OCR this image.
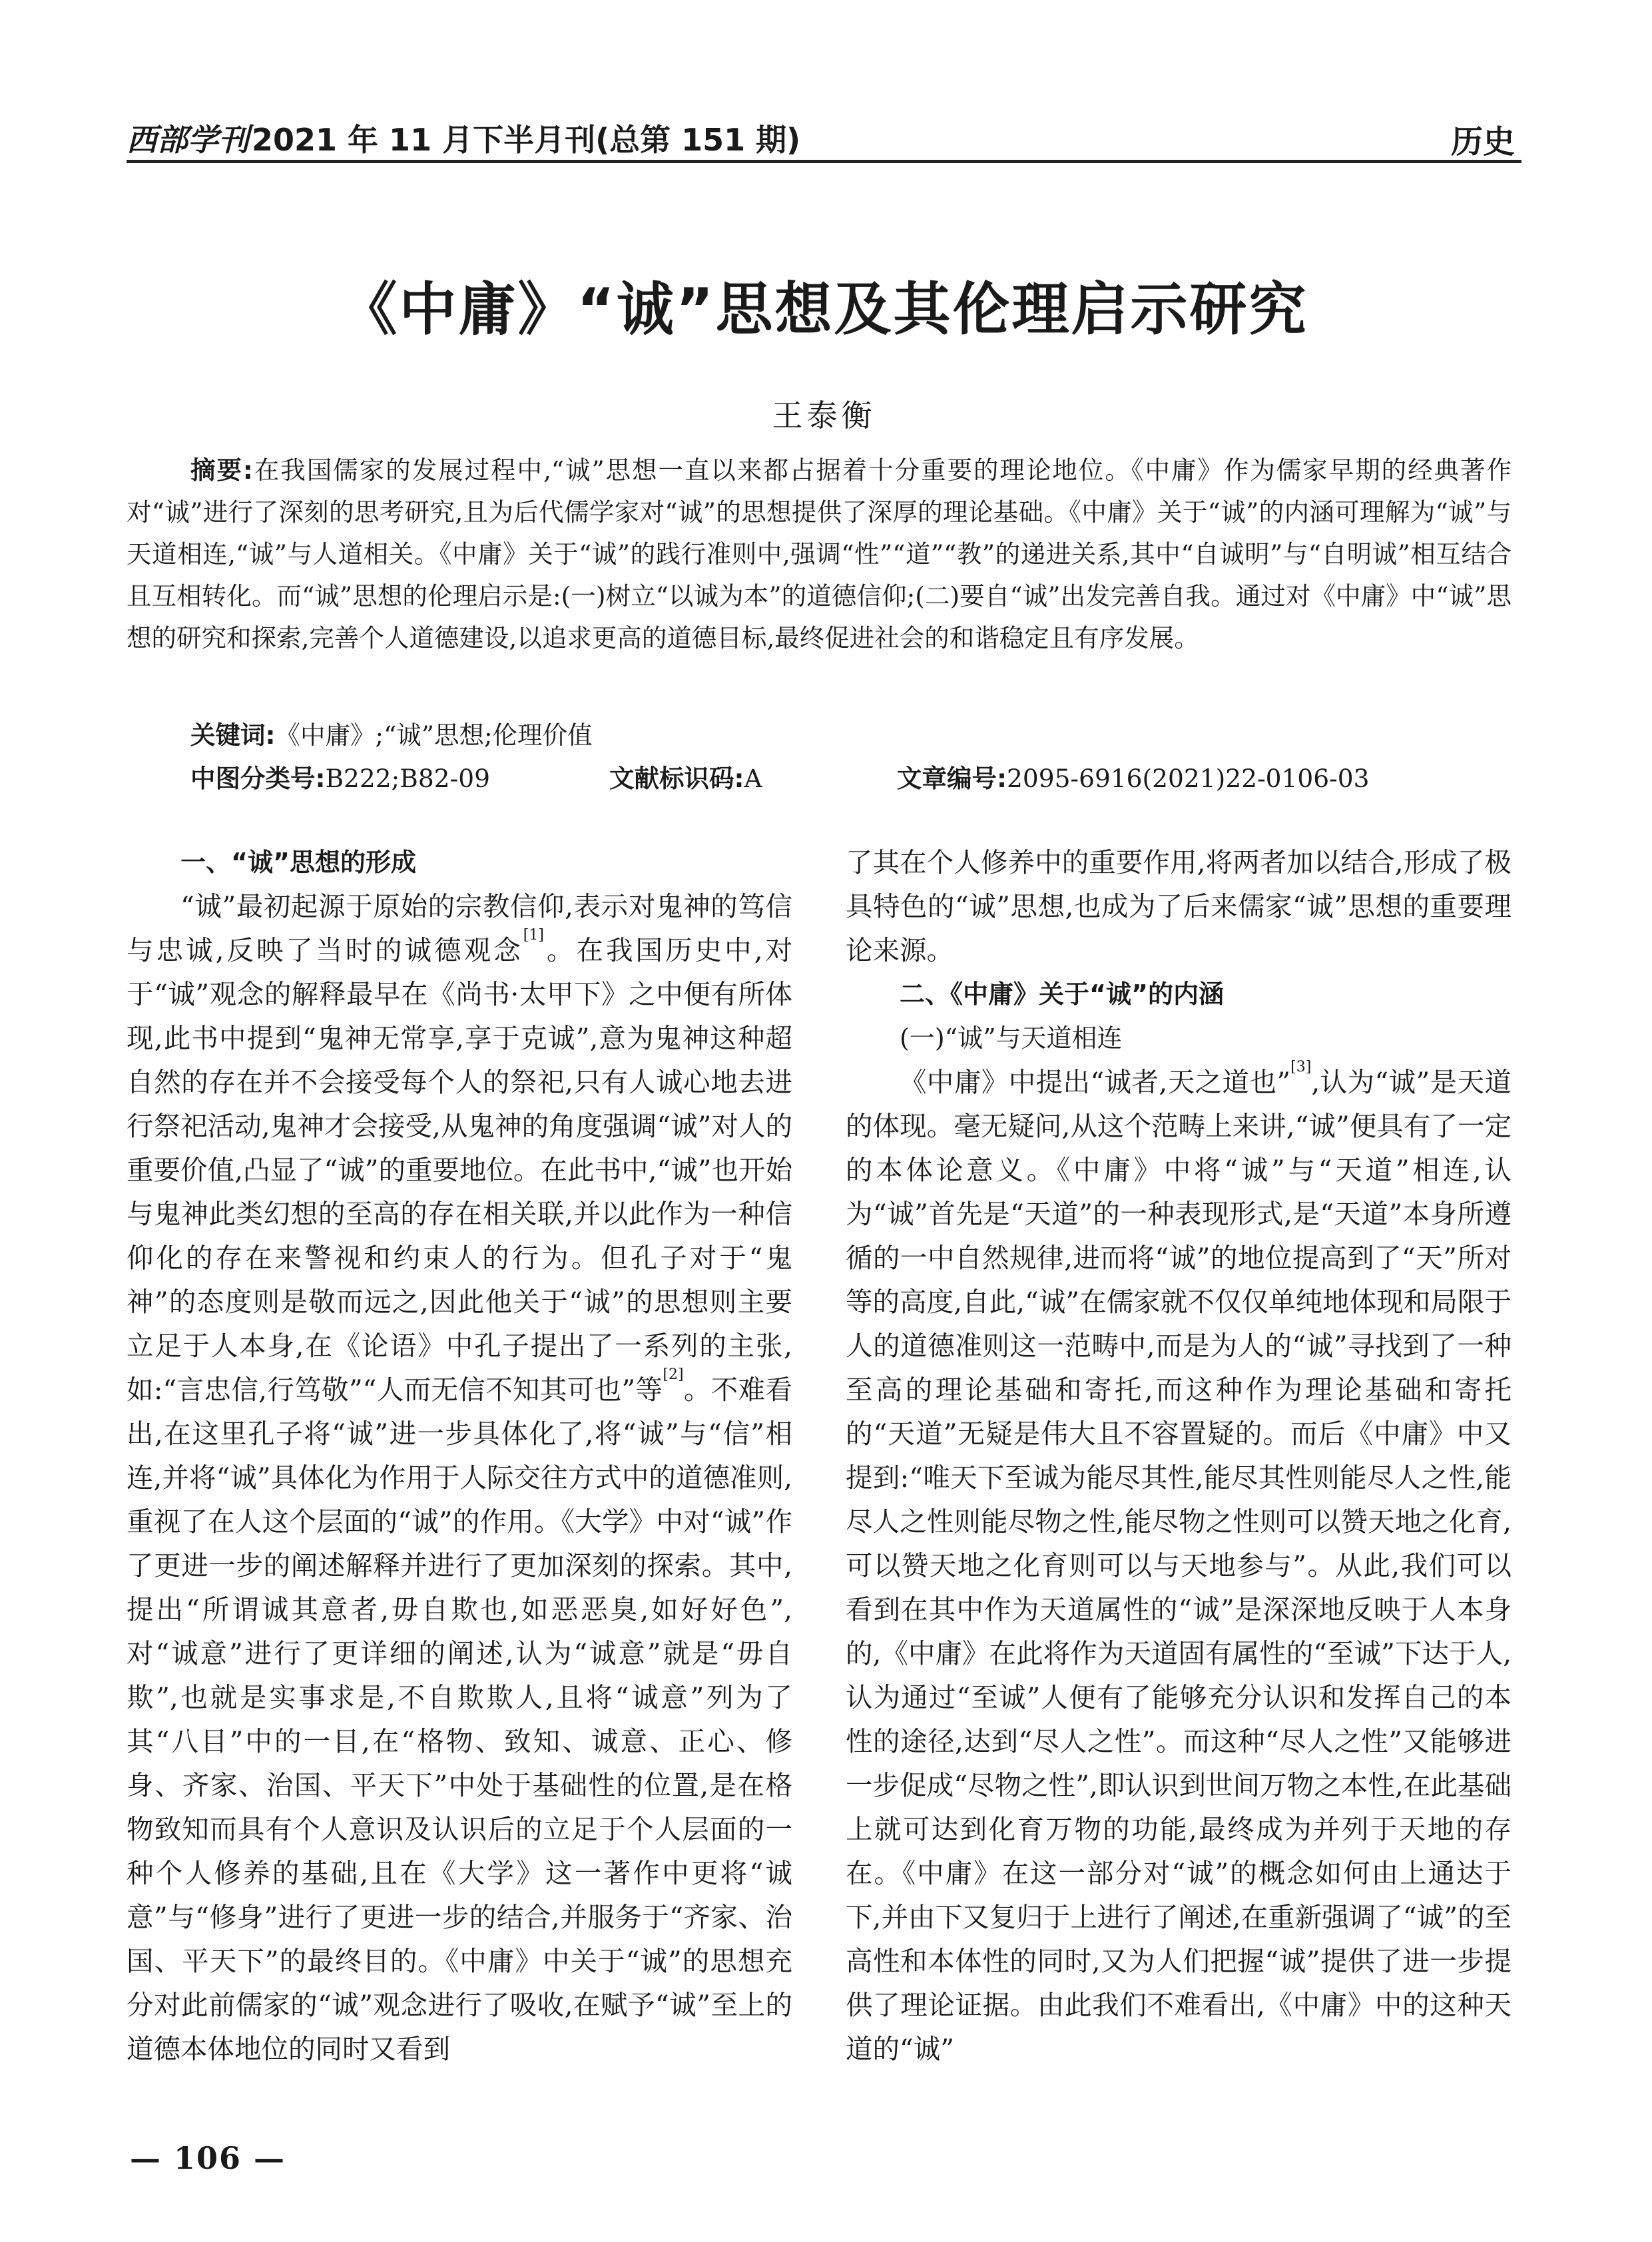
西部学刊2021 年 11 月下半月刊(总第 151 期)	历史
《中庸》“诚”思想及其伦理启示研究
王泰衡
摘要:在我国儒家的发展过程中,“诚”思想一直以来都占据着十分重要的理论地位。《中庸》作为儒家早期的经典著作对“诚”进行了深刻的思考研究,且为后代儒学家对“诚”的思想提供了深厚的理论基础。《中庸》关于“诚”的内涵可理解为“诚”与天道相连,“诚”与人道相关。《中庸》关于“诚”的践行准则中,强调“性”“道”“教”的递进关系,其中“自诚明”与“自明诚”相互结合且互相转化。而“诚”思想的伦理启示是:(一)树立“以诚为本”的道德信仰;(二)要自“诚”出发完善自我。通过对《中庸》中“诚”思想的研究和探索,完善个人道德建设,以追求更高的道德目标,最终促进社会的和谐稳定且有序发展。
关键词:《中庸》;“诚”思想;伦理价值
中图分类号:B222;B82-09	文献标识码:A	文章编号:2095-6916(2021)22-0106-03
一、“诚”思想的形成

“诚”最初起源于原始的宗教信仰,表示对鬼神的笃信与忠诚,反映了当时的诚德观念[1]。在我国历史中,对于“诚”观念的解释最早在《尚书·太甲下》之中便有所体现,此书中提到“鬼神无常享,享于克诚”,意为鬼神这种超自然的存在并不会接受每个人的祭祀,只有人诚心地去进行祭祀活动,鬼神才会接受,从鬼神的角度强调“诚”对人的重要价值,凸显了“诚”的重要地位。在此书中,“诚”也开始与鬼神此类幻想的至高的存在相关联,并以此作为一种信仰化的存在来警视和约束人的行为。但孔子对于“鬼神”的态度则是敬而远之,因此他关于“诚”的思想则主要立足于人本身,在《论语》中孔子提出了一系列的主张,如:“言忠信,行笃敬”“人而无信不知其可也”等[2]。不难看出,在这里孔子将“诚”进一步具体化了,将“诚”与“信”相连,并将“诚”具体化为作用于人际交往方式中的道德准则,重视了在人这个层面的“诚”的作用。《大学》中对“诚”作了更进一步的阐述解释并进行了更加深刻的探索。其中,提出“所谓诚其意者,毋自欺也,如恶恶臭,如好好色”,对“诚意”进行了更详细的阐述,认为“诚意”就是“毋自欺”,也就是实事求是,不自欺欺人,且将“诚意”列为了其“八目”中的一目,在“格物、致知、诚意、正心、修身、齐家、治国、平天下”中处于基础性的位置,是在格物致知而具有个人意识及认识后的立足于个人层面的一种个人修养的基础,且在《大学》这一著作中更将“诚意”与“修身”进行了更进一步的结合,并服务于“齐家、治国、平天下”的最终目的。《中庸》中关于“诚”的思想充分对此前儒家的“诚”观念进行了吸收,在赋予“诚”至上的道德本体地位的同时又看到

了其在个人修养中的重要作用,将两者加以结合,形成了极具特色的“诚”思想,也成为了后来儒家“诚”思想的重要理论来源。

二、《中庸》关于“诚”的内涵
(一)“诚”与天道相连

《中庸》中提出“诚者,天之道也”[3],认为“诚”是天道的体现。毫无疑问,从这个范畴上来讲,“诚”便具有了一定的本体论意义。《中庸》中将“诚”与“天道”相连,认为“诚”首先是“天道”的一种表现形式,是“天道”本身所遵循的一中自然规律,进而将“诚”的地位提高到了“天”所对等的高度,自此,“诚”在儒家就不仅仅单纯地体现和局限于人的道德准则这一范畴中,而是为人的“诚”寻找到了一种至高的理论基础和寄托,而这种作为理论基础和寄托的“天道”无疑是伟大且不容置疑的。而后《中庸》中又提到:“唯天下至诚为能尽其性,能尽其性则能尽人之性,能尽人之性则能尽物之性,能尽物之性则可以赞天地之化育,可以赞天地之化育则可以与天地参与”。从此,我们可以看到在其中作为天道属性的“诚”是深深地反映于人本身的,《中庸》在此将作为天道固有属性的“至诚”下达于人,认为通过“至诚”人便有了能够充分认识和发挥自己的本性的途径,达到“尽人之性”。而这种“尽人之性”又能够进一步促成“尽物之性”,即认识到世间万物之本性,在此基础上就可达到化育万物的功能,最终成为并列于天地的存在。《中庸》在这一部分对“诚”的概念如何由上通达于下,并由下又复归于上进行了阐述,在重新强调了“诚”的至高性和本体性的同时,又为人们把握“诚”提供了进一步提供了理论证据。由此我们不难看出,《中庸》中的这种天道的“诚”

— 106 —
